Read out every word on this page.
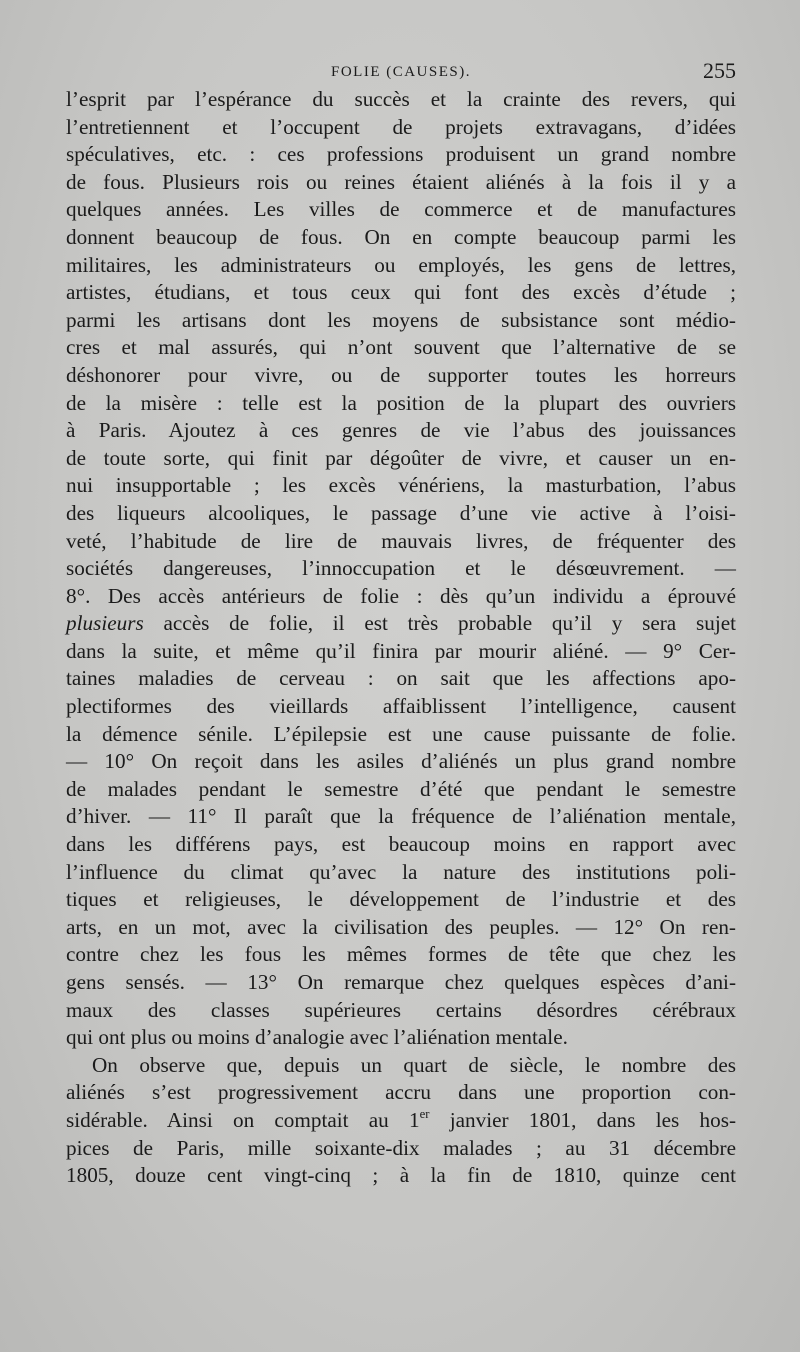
FOLIE (CAUSES).	255
l’esprit par l’espérance du succès et la crainte des revers, qui
l’entretiennent et l’occupent de projets extravagans, d’idées
spéculatives, etc. : ces professions produisent un grand nombre
de fous. Plusieurs rois ou reines étaient aliénés à la fois il y a
quelques années. Les villes de commerce et de manufactures
donnent beaucoup de fous. On en compte beaucoup parmi les
militaires, les administrateurs ou employés, les gens de lettres,
artistes, étudians, et tous ceux qui font des excès d’étude ;
parmi les artisans dont les moyens de subsistance sont médio-
cres et mal assurés, qui n’ont souvent que l’alternative de se
déshonorer pour vivre, ou de supporter toutes les horreurs
de la misère : telle est la position de la plupart des ouvriers
à Paris. Ajoutez à ces genres de vie l’abus des jouissances
de toute sorte, qui finit par dégoûter de vivre, et causer un en-
nui insupportable ; les excès vénériens, la masturbation, l’abus
des liqueurs alcooliques, le passage d’une vie active à l’oisi-
veté, l’habitude de lire de mauvais livres, de fréquenter des
sociétés dangereuses, l’innoccupation et le désœuvrement. —
8°. Des accès antérieurs de folie : dès qu’un individu a éprouvé
plusieurs accès de folie, il est très probable qu’il y sera sujet
dans la suite, et même qu’il finira par mourir aliéné. — 9° Cer-
taines maladies de cerveau : on sait que les affections apo-
plectiformes des vieillards affaiblissent l’intelligence, causent
la démence sénile. L’épilepsie est une cause puissante de folie.
— 10° On reçoit dans les asiles d’aliénés un plus grand nombre
de malades pendant le semestre d’été que pendant le semestre
d’hiver. — 11° Il paraît que la fréquence de l’aliénation mentale,
dans les différens pays, est beaucoup moins en rapport avec
l’influence du climat qu’avec la nature des institutions poli-
tiques et religieuses, le développement de l’industrie et des
arts, en un mot, avec la civilisation des peuples. — 12° On ren-
contre chez les fous les mêmes formes de tête que chez les
gens sensés. — 13° On remarque chez quelques espèces d’ani-
maux des classes supérieures certains désordres cérébraux
qui ont plus ou moins d’analogie avec l’aliénation mentale.
On observe que, depuis un quart de siècle, le nombre des
aliénés s’est progressivement accru dans une proportion con-
sidérable. Ainsi on comptait au 1er janvier 1801, dans les hos-
pices de Paris, mille soixante-dix malades ; au 31 décembre
1805, douze cent vingt-cinq ; à la fin de 1810, quinze cent
